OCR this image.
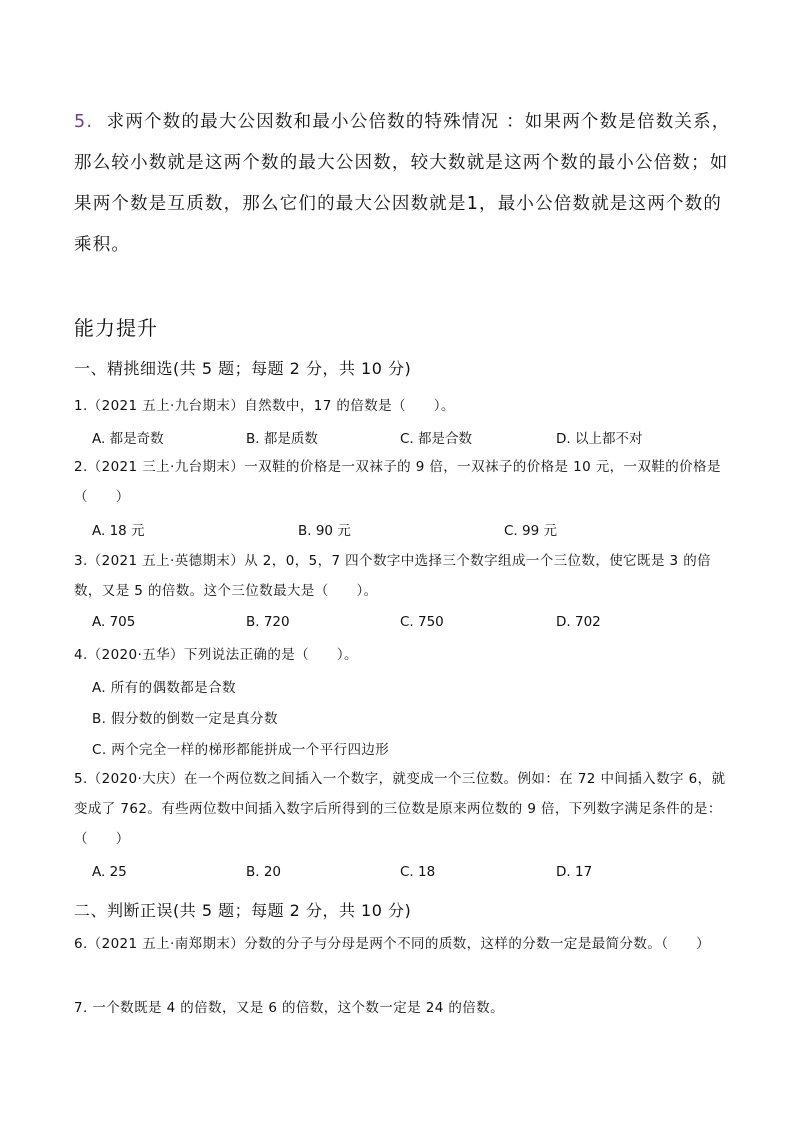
5. 求两个数的最大公因数和最小公倍数的特殊情况 ：如果两个数是倍数关系，那么较小数就是这两个数的最大公因数，较大数就是这两个数的最小公倍数；如果两个数是互质数，那么它们的最大公因数就是1，最小公倍数就是这两个数的乘积。

能力提升

一、精挑细选(共 5 题；每题 2 分，共 10 分)

1.（2021 五上·九台期末）自然数中，17 的倍数是（　　）。

A. 都是奇数	B. 都是质数	C. 都是合数	D. 以上都不对

2.（2021 三上·九台期末）一双鞋的价格是一双袜子的 9 倍，一双袜子的价格是 10 元，一双鞋的价格是（　　）

A. 18 元	B. 90 元	C. 99 元

3.（2021 五上·英德期末）从 2，0，5，7 四个数字中选择三个数字组成一个三位数，使它既是 3 的倍数，又是 5 的倍数。这个三位数最大是（　　）。

A. 705	B. 720	C. 750	D. 702

4.（2020·五华）下列说法正确的是（　　）。

A. 所有的偶数都是合数
B. 假分数的倒数一定是真分数
C. 两个完全一样的梯形都能拼成一个平行四边形

5.（2020·大庆）在一个两位数之间插入一个数字，就变成一个三位数。例如：在 72 中间插入数字 6，就变成了 762。有些两位数中间插入数字后所得到的三位数是原来两位数的 9 倍，下列数字满足条件的是：（　　）

A. 25	B. 20	C. 18	D. 17

二、判断正误(共 5 题；每题 2 分，共 10 分)

6.（2021 五上·南郑期末）分数的分子与分母是两个不同的质数，这样的分数一定是最简分数。（　　）

7. 一个数既是 4 的倍数，又是 6 的倍数，这个数一定是 24 的倍数。
